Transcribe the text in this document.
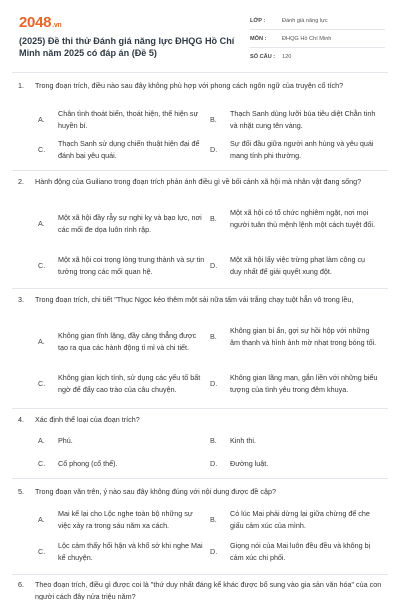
2048.vn
(2025) Đề thi thử Đánh giá năng lực ĐHQG Hồ Chí Minh năm 2025 có đáp án (Đề 5)
LỚP :	Đánh giá năng lực
MÔN :	ĐHQG Hồ Chí Minh
SỐ CÂU :	120
1.	Trong đoạn trích, điều nào sau đây không phù hợp với phong cách ngôn ngữ của truyện cổ tích?
A.
Chân tình thoát biến, thoát hiện, thể hiện sự huyền bí.
B.
Thạch Sanh dùng lưỡi búa tiêu diệt Chằn tinh và nhặt cung tên vàng.
C.
Thạch Sanh sử dụng chiến thuật hiện đại để đánh bại yêu quái.
D.
Sự đối đầu giữa người anh hùng và yêu quái mang tính phi thường.
2.	Hành động của Guiliano trong đoạn trích phản ánh điều gì về bối cảnh xã hội mà nhân vật đang sống?
A.
Một xã hội đầy rẫy sự nghi kỵ và bạo lực, nơi các mối đe dọa luôn rình rập.
B.
Một xã hội có tổ chức nghiêm ngặt, nơi mọi người tuân thủ mệnh lệnh một cách tuyệt đối.
C.
Một xã hội coi trọng lòng trung thành và sự tin tưởng trong các mối quan hệ.
D.
Một xã hội lấy việc trừng phạt làm công cụ duy nhất để giải quyết xung đột.
3.	Trong đoạn trích, chi tiết "Thục Ngọc kéo thêm một sải nữa tấm vải trắng chạy tuột hẳn vô trong lều,
A.
Không gian tĩnh lặng, đầy căng thẳng được tạo ra qua các hành động tỉ mỉ và chi tiết.
B.
Không gian bí ẩn, gợi sự hồi hộp với những âm thanh và hình ảnh mờ nhạt trong bóng tối.
C.
Không gian kịch tính, sử dụng các yếu tố bất ngờ để đẩy cao trào của câu chuyện.
D.
Không gian lãng mạn, gắn liền với những biểu tượng của tình yêu trong đêm khuya.
4.	Xác định thể loại của đoạn trích?
A.	Phú.	B.	Kinh thi.
C.	Cổ phong (cổ thể).	D.	Đường luật.
5.	Trong đoạn văn trên, ý nào sau đây không đúng với nội dung được đề cập?
A.
Mai kể lại cho Lộc nghe toàn bộ những sự việc xảy ra trong sáu năm xa cách.
B.
Có lúc Mai phải dừng lại giữa chừng để che giấu cảm xúc của mình.
C.
Lộc cảm thấy hối hận và khổ sở khi nghe Mai kể chuyện.
D.
Giọng nói của Mai luôn đều đều và không bị cảm xúc chi phối.
6.	Theo đoạn trích, điều gì được coi là "thứ duy nhất đáng kể khác được bổ sung vào gia sản văn hóa" của con người cách đây nửa triệu năm?
